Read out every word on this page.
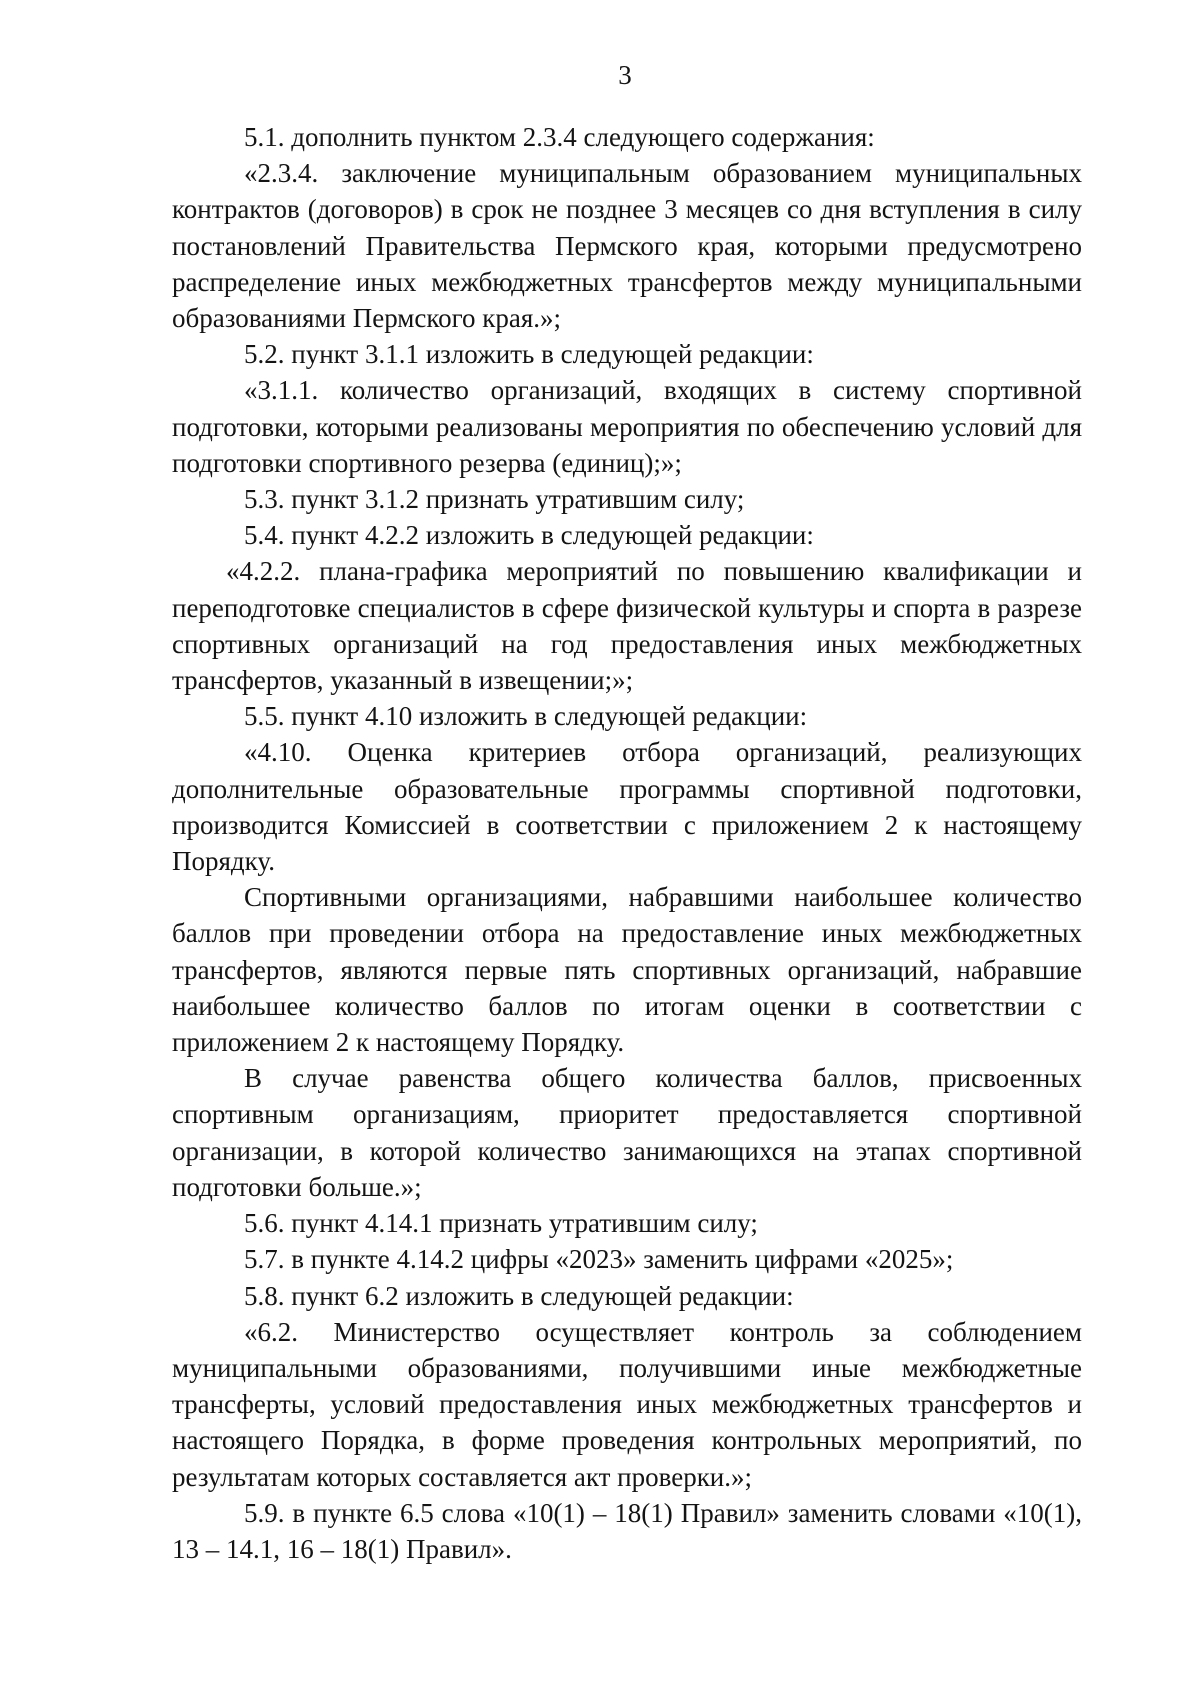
3

5.1. дополнить пунктом 2.3.4 следующего содержания:

«2.3.4. заключение муниципальным образованием муниципальных контрактов (договоров) в срок не позднее 3 месяцев со дня вступления в силу постановлений Правительства Пермского края, которыми предусмотрено распределение иных межбюджетных трансфертов между муниципальными образованиями Пермского края.»;

5.2. пункт 3.1.1 изложить в следующей редакции:

«3.1.1. количество организаций, входящих в систему спортивной подготовки, которыми реализованы мероприятия по обеспечению условий для подготовки спортивного резерва (единиц);»;

5.3. пункт 3.1.2 признать утратившим силу;

5.4. пункт 4.2.2 изложить в следующей редакции:

«4.2.2. плана-графика мероприятий по повышению квалификации и переподготовке специалистов в сфере физической культуры и спорта в разрезе спортивных организаций на год предоставления иных межбюджетных трансфертов, указанный в извещении;»;

5.5. пункт 4.10 изложить в следующей редакции:

«4.10. Оценка критериев отбора организаций, реализующих дополнительные образовательные программы спортивной подготовки, производится Комиссией в соответствии с приложением 2 к настоящему Порядку.

Спортивными организациями, набравшими наибольшее количество баллов при проведении отбора на предоставление иных межбюджетных трансфертов, являются первые пять спортивных организаций, набравшие наибольшее количество баллов по итогам оценки в соответствии с приложением 2 к настоящему Порядку.

В случае равенства общего количества баллов, присвоенных спортивным организациям, приоритет предоставляется спортивной организации, в которой количество занимающихся на этапах спортивной подготовки больше.»;

5.6. пункт 4.14.1 признать утратившим силу;

5.7. в пункте 4.14.2 цифры «2023» заменить цифрами «2025»;

5.8. пункт 6.2 изложить в следующей редакции:

«6.2. Министерство осуществляет контроль за соблюдением муниципальными образованиями, получившими иные межбюджетные трансферты, условий предоставления иных межбюджетных трансфертов и настоящего Порядка, в форме проведения контрольных мероприятий, по результатам которых составляется акт проверки.»;

5.9. в пункте 6.5 слова «10(1) – 18(1) Правил» заменить словами «10(1), 13 – 14.1, 16 – 18(1) Правил».
